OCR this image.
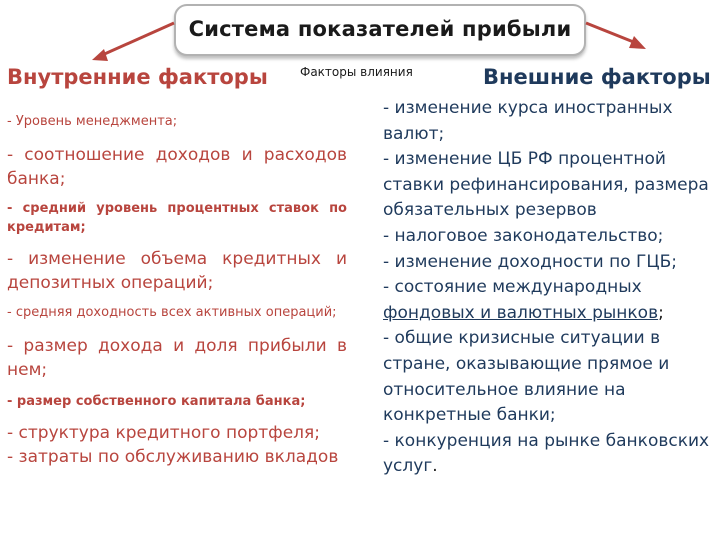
Система показателей прибыли
Внутренние факторы	Факторы влияния	Внешние факторы

- Уровень менеджмента;

- соотношение доходов и расходов банка;

- средний уровень процентных ставок по кредитам;

- изменение объема кредитных и депозитных операций;

- средняя доходность всех активных операций;

- размер дохода и доля прибыли в нем;

- размер собственного капитала банка;

- структура кредитного портфеля;

- затраты по обслуживанию вкладов

- изменение курса иностранных валют;

- изменение ЦБ РФ процентной ставки рефинансирования, размера обязательных резервов

- налоговое законодательство;

- изменение доходности по ГЦБ;

- состояние международных
фондовых и валютных рынков;

- общие кризисные ситуации в стране, оказывающие прямое и относительное влияние на конкретные банки;

- конкуренция на рынке банковских услуг.
